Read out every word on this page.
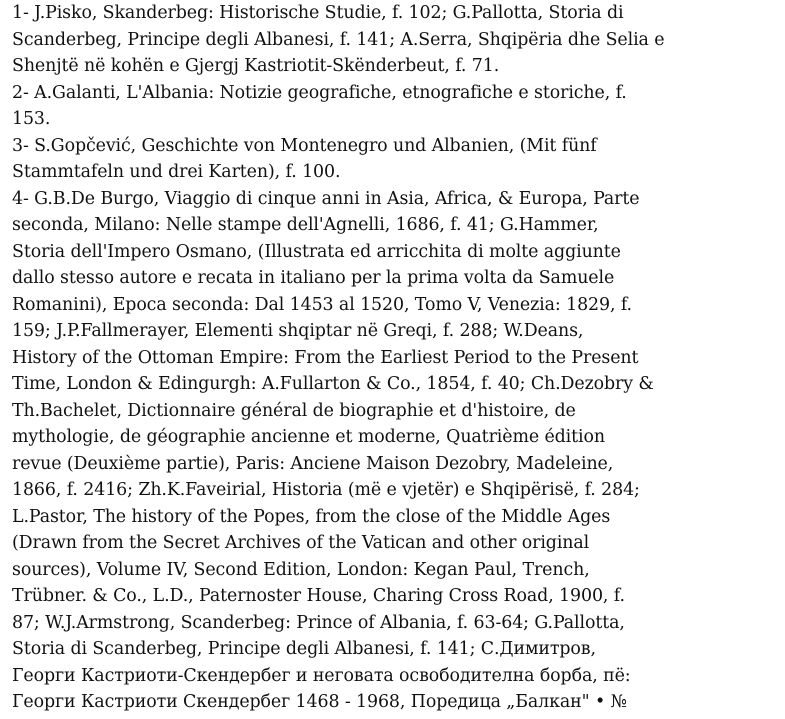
1- J.Pisko, Skanderbeg: Historische Studie, f. 102; G.Pallotta, Storia di
Scanderbeg, Principe degli Albanesi, f. 141; A.Serra, Shqipëria dhe Selia e
Shenjtë në kohën e Gjergj Kastriotit-Skënderbeut, f. 71.
2- A.Galanti, L'Albania: Notizie geografiche, etnografiche e storiche, f.
153.
3- S.Gopčević, Geschichte von Montenegro und Albanien, (Mit fünf
Stammtafeln und drei Karten), f. 100.
4- G.B.De Burgo, Viaggio di cinque anni in Asia, Africa, & Europa, Parte
seconda, Milano: Nelle stampe dell'Agnelli, 1686, f. 41; G.Hammer,
Storia dell'Impero Osmano, (Illustrata ed arricchita di molte aggiunte
dallo stesso autore e recata in italiano per la prima volta da Samuele
Romanini), Epoca seconda: Dal 1453 al 1520, Tomo V, Venezia: 1829, f.
159; J.P.Fallmerayer, Elementi shqiptar në Greqi, f. 288; W.Deans,
History of the Ottoman Empire: From the Earliest Period to the Present
Time, London & Edingurgh: A.Fullarton & Co., 1854, f. 40; Ch.Dezobry &
Th.Bachelet, Dictionnaire général de biographie et d'histoire, de
mythologie, de géographie ancienne et moderne, Quatrième édition
revue (Deuxième partie), Paris: Anciene Maison Dezobry, Madeleine,
1866, f. 2416; Zh.K.Faveirial, Historia (më e vjetër) e Shqipërisë, f. 284;
L.Pastor, The history of the Popes, from the close of the Middle Ages
(Drawn from the Secret Archives of the Vatican and other original
sources), Volume IV, Second Edition, London: Kegan Paul, Trench,
Trübner. & Co., L.D., Paternoster House, Charing Cross Road, 1900, f.
87; W.J.Armstrong, Scanderbeg: Prince of Albania, f. 63-64; G.Pallotta,
Storia di Scanderbeg, Principe degli Albanesi, f. 141; С.Димитров,
Георги Кастриоти-Скендербег и неговата освободителна борба, пё:
Георги Кастриоти Скендербег 1468 - 1968, Поредица „Балкан" • №
